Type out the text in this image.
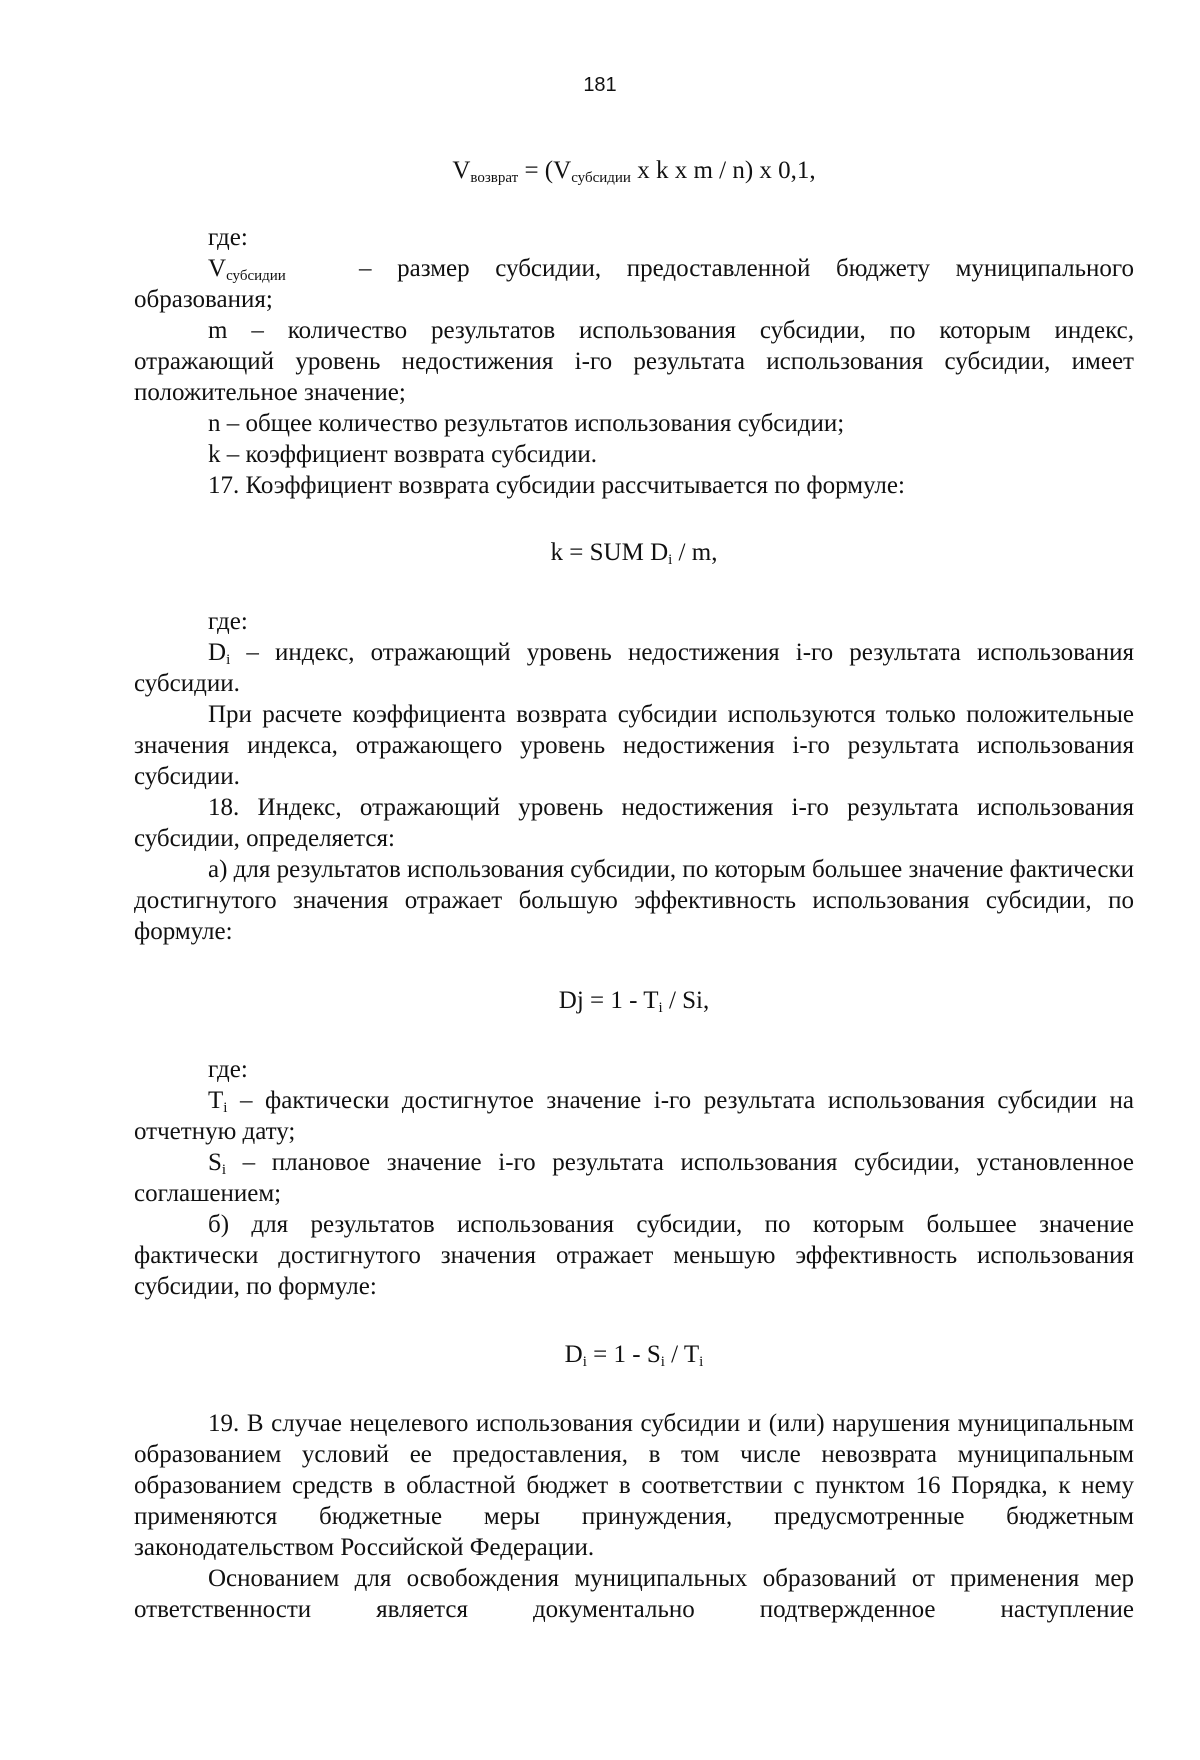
181

$V_{возврат} = (V_{субсидии}$ x k x m / n) x 0,1,

где:

$V_{субсидии}$	– размер субсидии, предоставленной бюджету муниципального

образования;

m – количество результатов использования субсидии, по которым индекс, отражающий уровень недостижения i-го результата использования субсидии, имеет положительное значение;

n – общее количество результатов использования субсидии;

k – коэффициент возврата субсидии.

17. Коэффициент возврата субсидии рассчитывается по формуле:

k = SUM $D_i$ / m,

где:

$D_i$ – индекс, отражающий уровень недостижения i-го результата использования субсидии.

При расчете коэффициента возврата субсидии используются только положительные значения индекса, отражающего уровень недостижения i-го результата использования субсидии.

18. Индекс, отражающий уровень недостижения i-го результата использования субсидии, определяется:

а) для результатов использования субсидии, по которым большее значение фактически достигнутого значения отражает большую эффективность использования субсидии, по формуле:

$Dj = 1 - T_i / Si$,

где:

$T_i$ – фактически достигнутое значение i-го результата использования субсидии на отчетную дату;

$S_i$ – плановое значение i-го результата использования субсидии, установленное соглашением;

б) для результатов использования субсидии, по которым большее значение фактически достигнутого значения отражает меньшую эффективность использования субсидии, по формуле:

$D_i = 1 - S_i / T_i$

19. В случае нецелевого использования субсидии и (или) нарушения муниципальным образованием условий ее предоставления, в том числе невозврата муниципальным образованием средств в областной бюджет в соответствии с пунктом 16 Порядка, к нему применяются бюджетные меры принуждения, предусмотренные бюджетным законодательством Российской Федерации.

Основанием для освобождения муниципальных образований от применения мер ответственности является документально подтвержденное наступление
